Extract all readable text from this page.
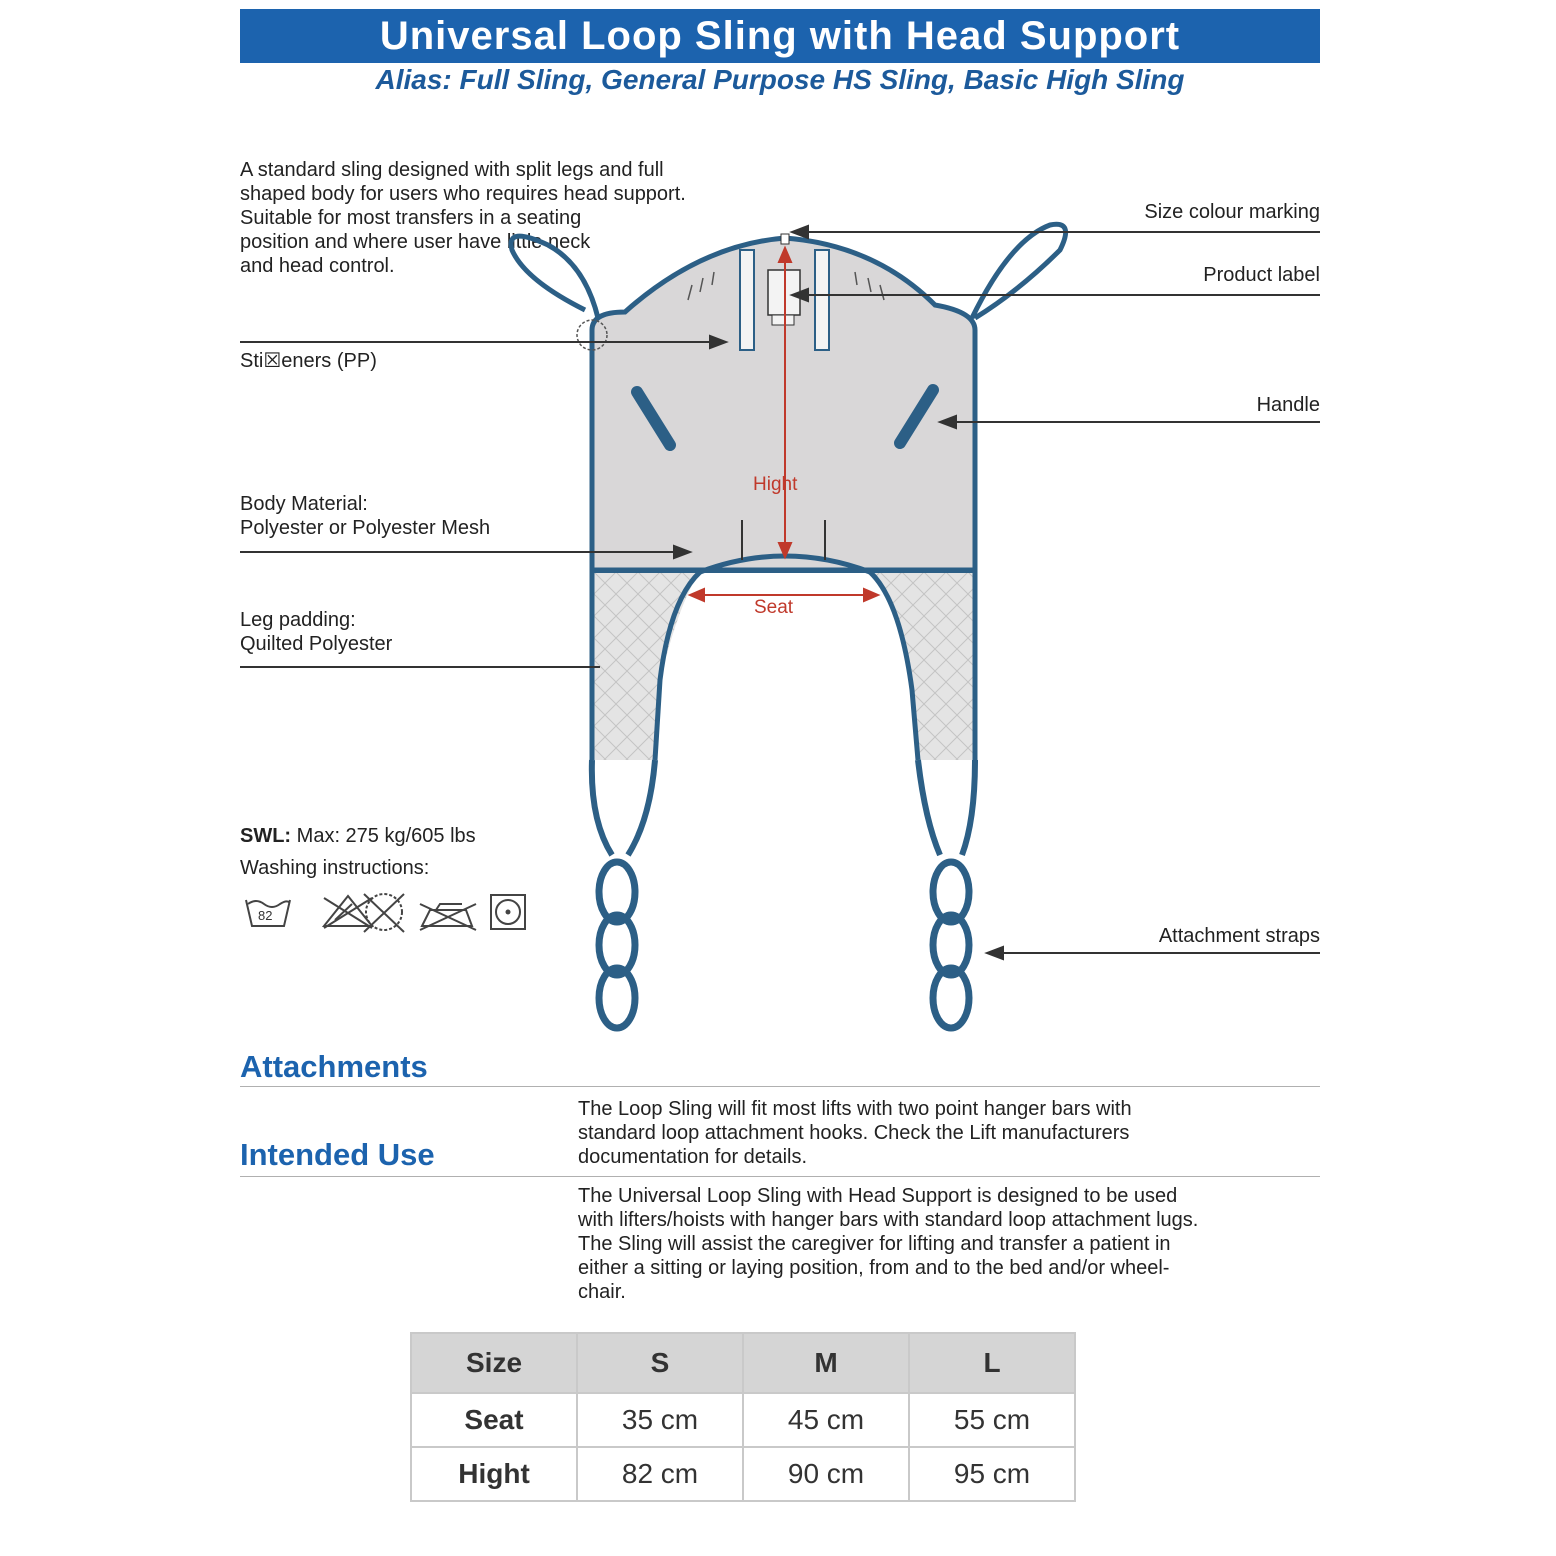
Universal Loop Sling with Head Support
Alias: Full Sling, General Purpose HS Sling, Basic High Sling
A standard sling designed with split legs and full
shaped body for users who requires head support.
Suitable for most transfers in a seating
position and where user have little neck
and head control.
Hight
Seat
Size colour marking
Product label
Sti☒eners (PP)
Handle
Body Material:
Polyester or Polyester Mesh
Leg padding:
Quilted Polyester
Attachment straps
SWL: Max: 275 kg/605 lbs
Washing instructions:
82
Attachments
The Loop Sling will fit most lifts with two point hanger bars with
standard loop attachment hooks. Check the Lift manufacturers
documentation for details.
Intended Use
The Universal Loop Sling with Head Support is designed to be used
with lifters/hoists with hanger bars with standard loop attachment lugs.
The Sling will assist the caregiver for lifting and transfer a patient in
either a sitting or laying position, from and to the bed and/or wheel-
chair.
Size	S	M	L
Seat	35 cm	45 cm	55 cm
Hight	82 cm	90 cm	95 cm
